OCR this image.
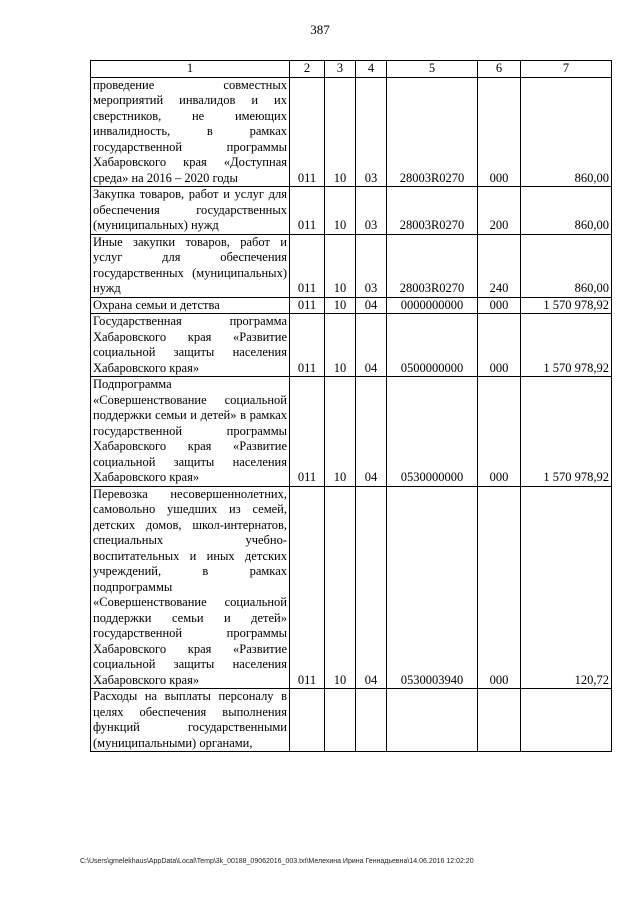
387
1	2	3	4	5	6	7
проведение совместных мероприятий инвалидов и их сверстников, не имеющих инвалидность, в рамках государственной программы Хабаровского края «Доступная среда» на 2016 – 2020 годы	011	10	03	28003R0270	000	860,00
Закупка товаров, работ и услуг для обеспечения государственных (муниципальных) нужд	011	10	03	28003R0270	200	860,00
Иные закупки товаров, работ и услуг для обеспечения государственных (муниципальных) нужд	011	10	03	28003R0270	240	860,00
Охрана семьи и детства	011	10	04	0000000000	000	1 570 978,92
Государственная программа Хабаровского края «Развитие социальной защиты населения Хабаровского края»	011	10	04	0500000000	000	1 570 978,92
Подпрограмма «Совершенствование социальной поддержки семьи и детей» в рамках государственной программы Хабаровского края «Развитие социальной защиты населения Хабаровского края»	011	10	04	0530000000	000	1 570 978,92
Перевозка несовершеннолетних, самовольно ушедших из семей, детских домов, школ-интернатов, специальных учебно-воспитательных и иных детских учреждений, в рамках подпрограммы «Совершенствование социальной поддержки семьи и детей» государственной программы Хабаровского края «Развитие социальной защиты населения Хабаровского края»	011	10	04	0530003940	000	120,72
Расходы на выплаты персоналу в целях обеспечения выполнения функций государственными (муниципальными) органами,						
C:\Users\gmelekhaus\AppData\Local\Temp\3k_00188_09062016_003.txt\Мелехина Ирина Геннадьевна\14.06.2016 12:02:20
